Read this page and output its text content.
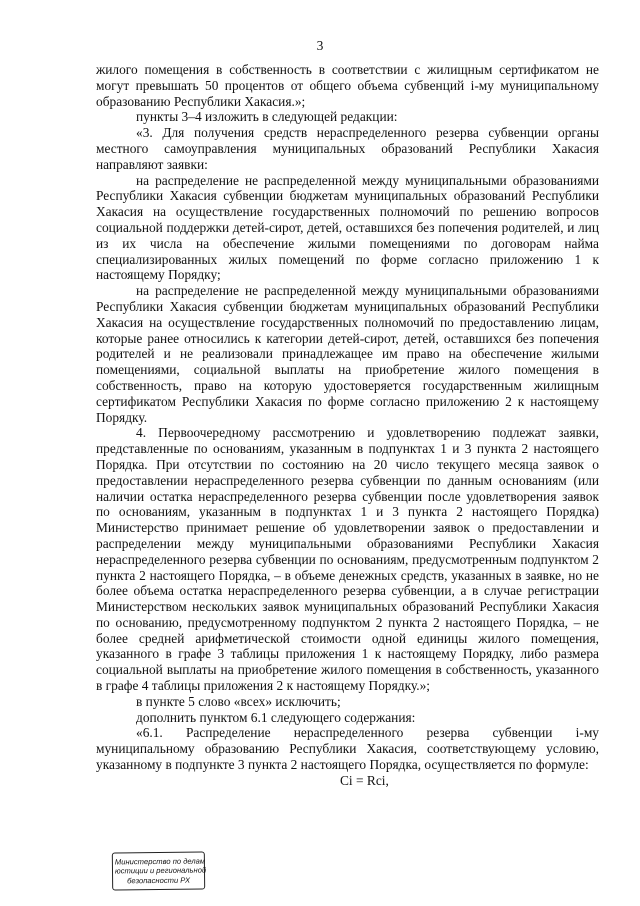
3

жилого помещения в собственность в соответствии с жилищным сертификатом не могут превышать 50 процентов от общего объема субвенций i-му муниципальному образованию Республики Хакасия.»;

пункты 3–4 изложить в следующей редакции:

«3. Для получения средств нераспределенного резерва субвенции органы местного самоуправления муниципальных образований Республики Хакасия направляют заявки:

на распределение не распределенной между муниципальными образованиями Республики Хакасия субвенции бюджетам муниципальных образований Республики Хакасия на осуществление государственных полномочий по решению вопросов социальной поддержки детей-сирот, детей, оставшихся без попечения родителей, и лиц из их числа на обеспечение жилыми помещениями по договорам найма специализированных жилых помещений по форме согласно приложению 1 к настоящему Порядку;

на распределение не распределенной между муниципальными образованиями Республики Хакасия субвенции бюджетам муниципальных образований Республики Хакасия на осуществление государственных полномочий по предоставлению лицам, которые ранее относились к категории детей-сирот, детей, оставшихся без попечения родителей и не реализовали принадлежащее им право на обеспечение жилыми помещениями, социальной выплаты на приобретение жилого помещения в собственность, право на которую удостоверяется государственным жилищным сертификатом Республики Хакасия по форме согласно приложению 2 к настоящему Порядку.

4. Первоочередному рассмотрению и удовлетворению подлежат заявки, представленные по основаниям, указанным в подпунктах 1 и 3 пункта 2 настоящего Порядка. При отсутствии по состоянию на 20 число текущего месяца заявок о предоставлении нераспределенного резерва субвенции по данным основаниям (или наличии остатка нераспределенного резерва субвенции после удовлетворения заявок по основаниям, указанным в подпунктах 1 и 3 пункта 2 настоящего Порядка) Министерство принимает решение об удовлетворении заявок о предоставлении и распределении между муниципальными образованиями Республики Хакасия нераспределенного резерва субвенции по основаниям, предусмотренным подпунктом 2 пункта 2 настоящего Порядка, – в объеме денежных средств, указанных в заявке, но не более объема остатка нераспределенного резерва субвенции, а в случае регистрации Министерством нескольких заявок муниципальных образований Республики Хакасия по основанию, предусмотренному подпунктом 2 пункта 2 настоящего Порядка, – не более средней арифметической стоимости одной единицы жилого помещения, указанного в графе 3 таблицы приложения 1 к настоящему Порядку, либо размера социальной выплаты на приобретение жилого помещения в собственность, указанного в графе 4 таблицы приложения 2 к настоящему Порядку.»;

в пункте 5 слово «всех» исключить;

дополнить пунктом 6.1 следующего содержания:

«6.1. Распределение нераспределенного резерва субвенции i-му муниципальному образованию Республики Хакасия, соответствующему условию, указанному в подпункте 3 пункта 2 настоящего Порядка, осуществляется по формуле:

Ci = Rci,

Министерство по делам
юстиции и региональной
безопасности РХ
